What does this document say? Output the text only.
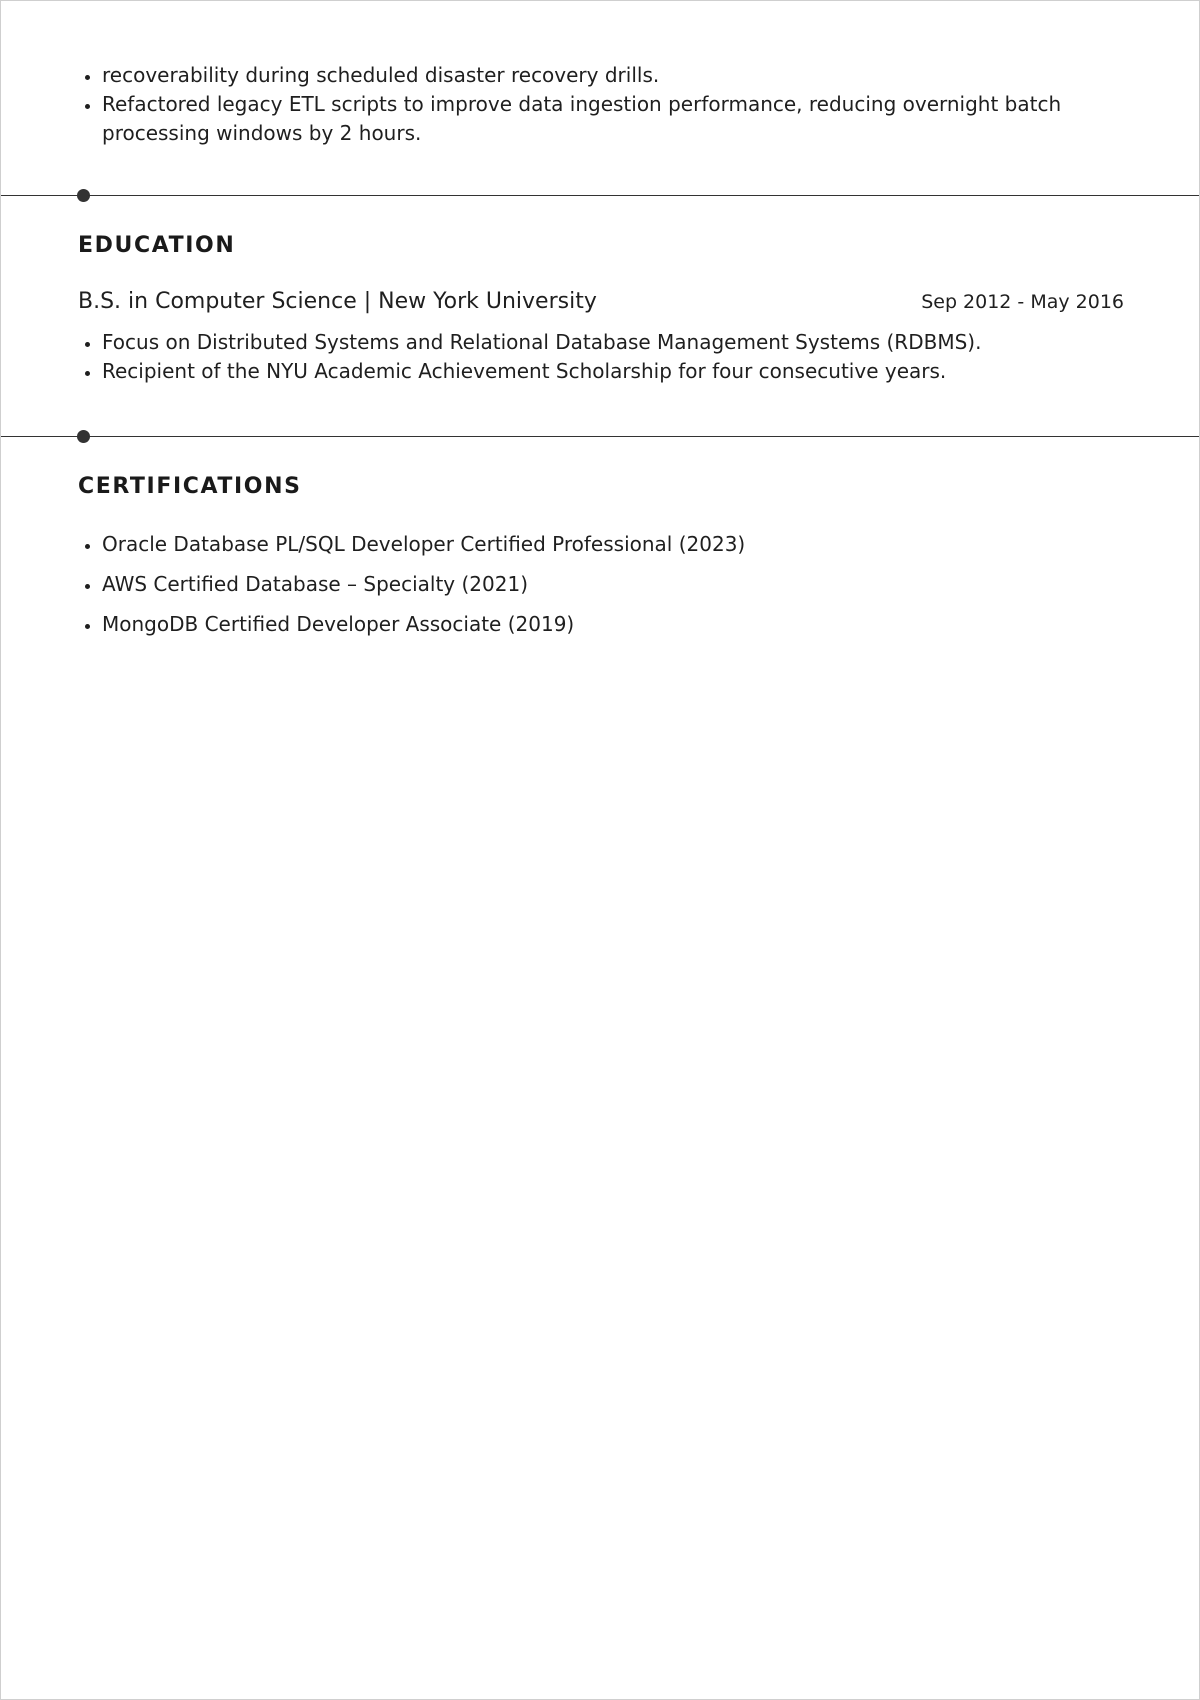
• recoverability during scheduled disaster recovery drills.
• Refactored legacy ETL scripts to improve data ingestion performance, reducing overnight batch processing windows by 2 hours.
EDUCATION
B.S. in Computer Science | New York University	Sep 2012 - May 2016
• Focus on Distributed Systems and Relational Database Management Systems (RDBMS).
• Recipient of the NYU Academic Achievement Scholarship for four consecutive years.
CERTIFICATIONS
• Oracle Database PL/SQL Developer Certified Professional (2023)
• AWS Certified Database – Specialty (2021)
• MongoDB Certified Developer Associate (2019)
